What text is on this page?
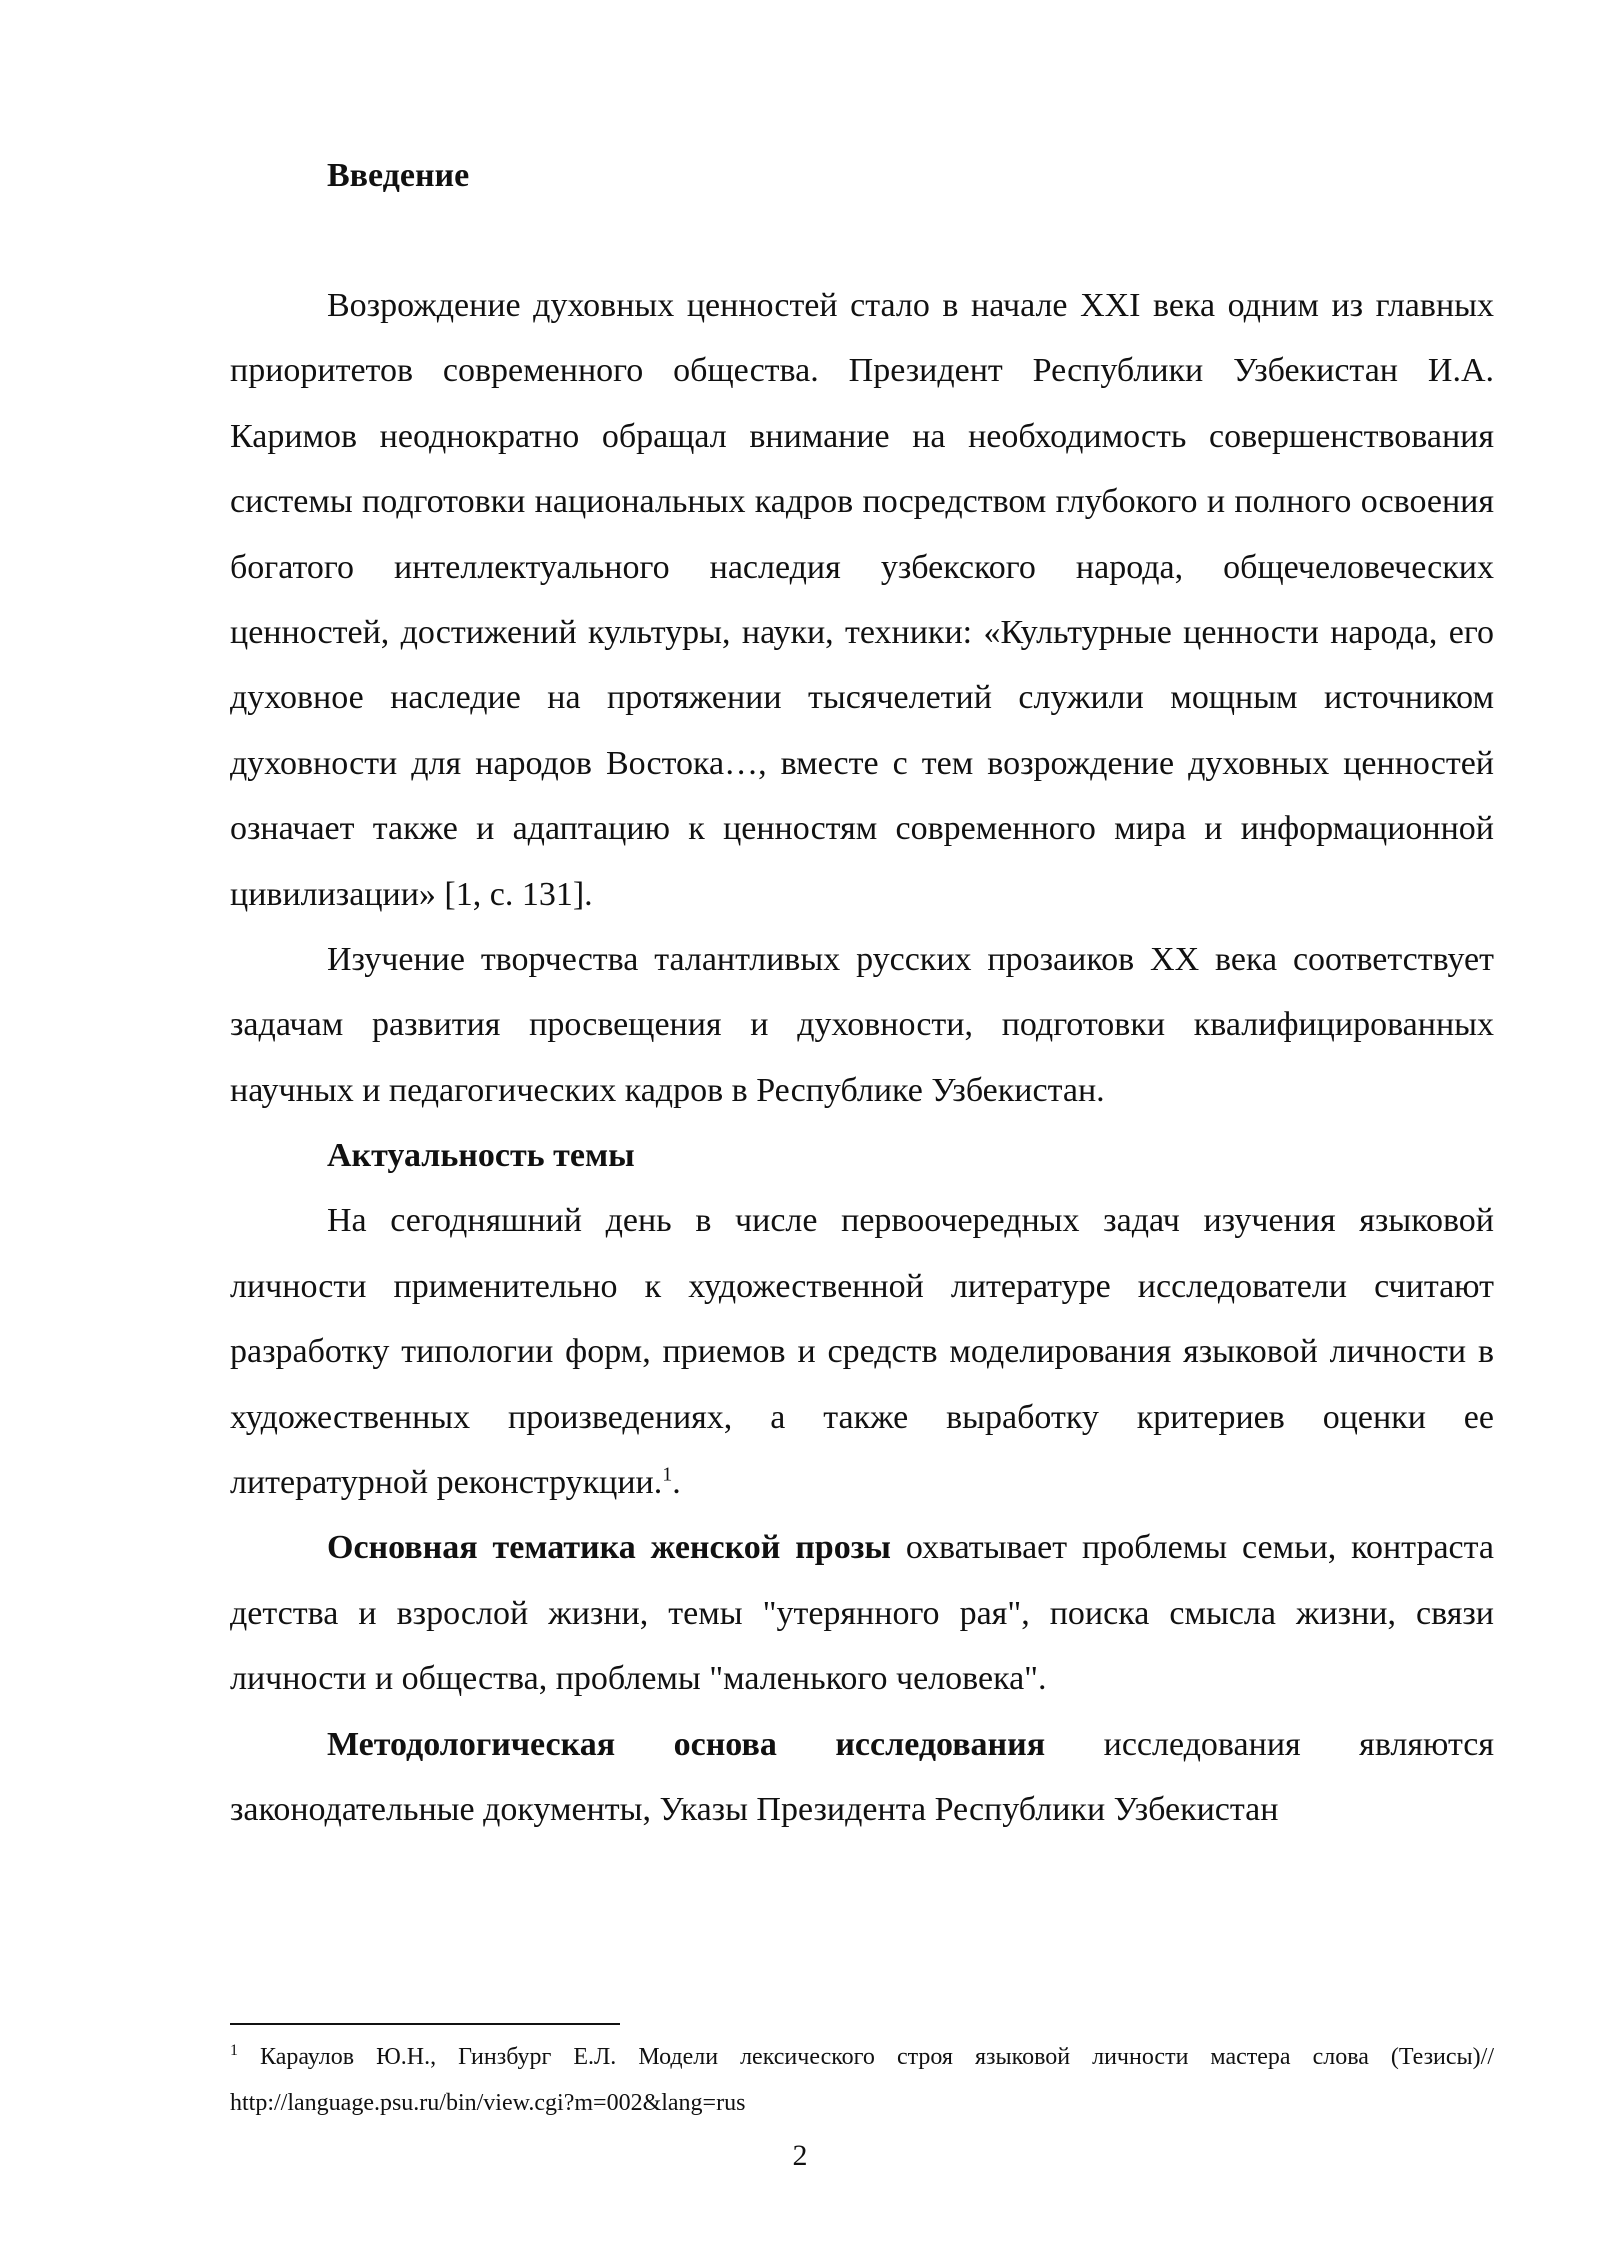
Введение

Возрождение духовных ценностей стало в начале XXI века одним из главных приоритетов современного общества. Президент Республики Узбекистан И.А. Каримов неоднократно обращал внимание на необходимость совершенствования системы подготовки национальных кадров посредством глубокого и полного освоения богатого интеллектуального наследия узбекского народа, общечеловеческих ценностей, достижений культуры, науки, техники: «Культурные ценности народа, его духовное наследие на протяжении тысячелетий служили мощным источником духовности для народов Востока…, вместе с тем возрождение духовных ценностей означает также и адаптацию к ценностям современного мира и информационной цивилизации» [1, с. 131].

Изучение творчества талантливых русских прозаиков XX века соответствует задачам развития просвещения и духовности, подготовки квалифицированных научных и педагогических кадров в Республике Узбекистан.

Актуальность темы

На сегодняшний день в числе первоочередных задач изучения языковой личности применительно к художественной литературе исследователи считают разработку типологии форм, приемов и средств моделирования языковой личности в художественных произведениях, а также выработку критериев оценки ее литературной реконструкции.$^1$.

Основная тематика женской прозы охватывает проблемы семьи, контраста детства и взрослой жизни, темы "утерянного рая", поиска смысла жизни, связи личности и общества, проблемы "маленького человека".

Методологическая основа исследования исследования являются законодательные документы, Указы Президента Республики Узбекистан

$^1$ Караулов Ю.Н., Гинзбург Е.Л. Модели лексического строя языковой личности мастера слова (Тезисы)// http://language.psu.ru/bin/view.cgi?m=002&lang=rus

2
